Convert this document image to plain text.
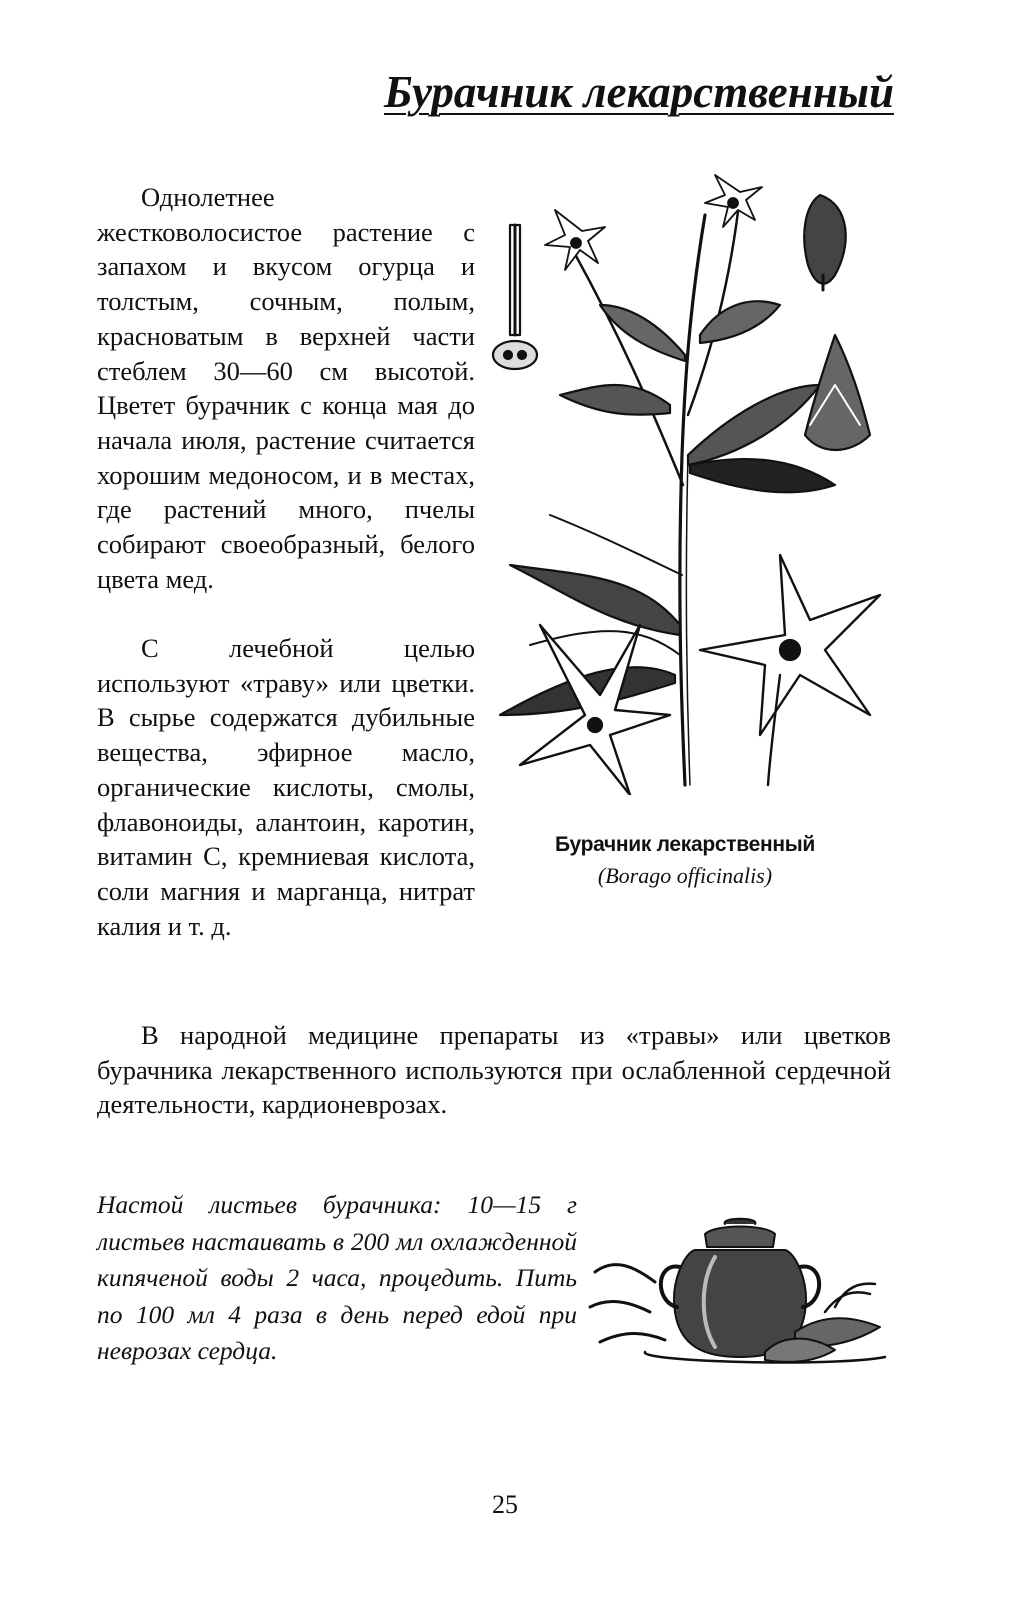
Бурачник лекарственный

Однолетнее жестковолосистое растение с запахом и вкусом огурца и толстым, сочным, полым, красноватым в верхней части стеблем 30—60 см высотой. Цветет бурачник с конца мая до начала июля, растение считается хорошим медоносом, и в местах, где растений много, пчелы собирают своеобразный, белого цвета мед.

С лечебной целью используют «траву» или цветки. В сырье содержатся дубильные вещества, эфирное масло, органические кислоты, смолы, флавоноиды, алантоин, каротин, витамин С, кремниевая кислота, соли магния и марганца, нитрат калия и т. д.

Бурачник лекарственный
(Borago officinalis)

В народной медицине препараты из «травы» или цветков бурачника лекарственного используются при ослабленной сердечной деятельности, кардионеврозах.

Настой листьев бурачника: 10—15 г листьев настаивать в 200 мл охлажденной кипяченой воды 2 часа, процедить. Пить по 100 мл 4 раза в день перед едой при неврозах сердца.

25
